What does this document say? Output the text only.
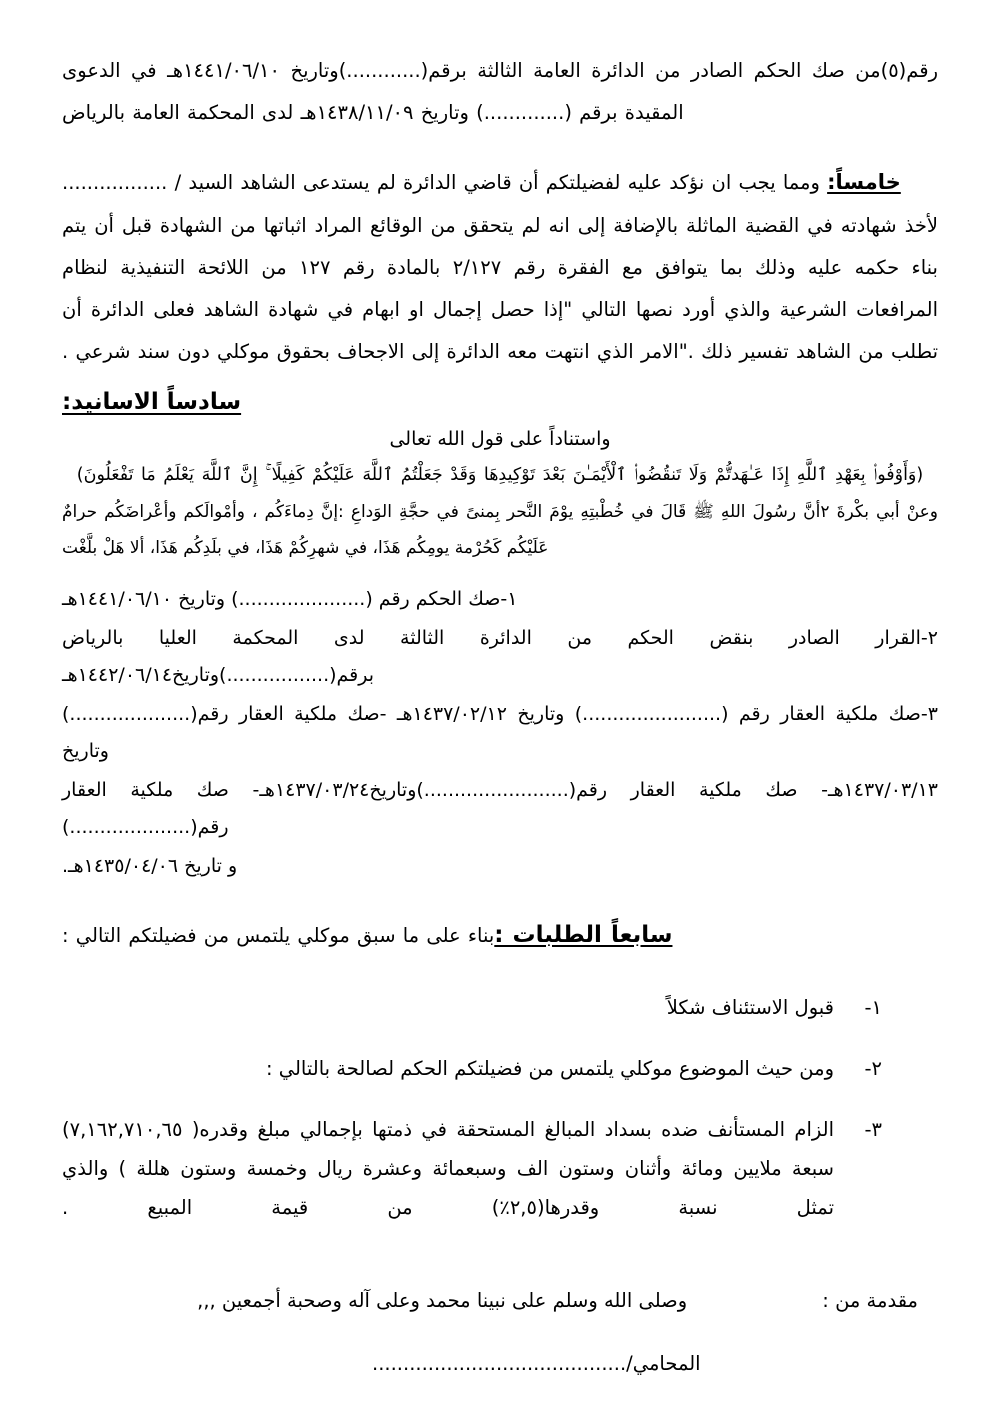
رقم(٥)من صك الحكم الصادر من الدائرة العامة الثالثة برقم(............)وتاريخ ١٤٤١/٠٦/١٠هـ في الدعوى

المقيدة برقم (.............) وتاريخ ١٤٣٨/١١/٠٩هـ لدى المحكمة العامة بالرياض

خامساً: ومما يجب ان نؤكد عليه لفضيلتكم أن قاضي الدائرة لم يستدعى الشاهد السيد / .................

لأخذ شهادته في القضية الماثلة بالإضافة إلى انه لم يتحقق من الوقائع المراد اثباتها من الشهادة قبل أن يتم

بناء حكمه عليه وذلك بما يتوافق مع الفقرة رقم ٢/١٢٧ بالمادة رقم ١٢٧ من اللائحة التنفيذية لنظام

المرافعات الشرعية والذي أورد نصها التالي "إذا حصل إجمال او ابهام في شهادة الشاهد فعلى الدائرة أن

تطلب من الشاهد تفسير ذلك ."الامر الذي انتهت معه الدائرة إلى الاجحاف بحقوق موكلي دون سند شرعي .

سادساً الاسانيد:

واستناداً على قول الله تعالى

(وَأَوْفُوا۟ بِعَهْدِ ٱللَّهِ إِذَا عَـٰهَدتُّمْ وَلَا تَنقُضُوا۟ ٱلْأَيْمَـٰنَ بَعْدَ تَوْكِيدِهَا وَقَدْ جَعَلْتُمُ ٱللَّهَ عَلَيْكُمْ كَفِيلًا ۚ إِنَّ ٱللَّهَ يَعْلَمُ مَا تَفْعَلُونَ)

وعنْ أبي بكْرةَ ٢أنَّ رسُولَ اللهِ ﷺ قَالَ في خُطْبتِهِ يوْمَ النَّحر بِمنىً في حجَّةِ الوَداعِ :إنَّ دِماءَكُم ، وأمْوالَكم وأعْراضَكُم حرامٌ

عَلَيْكُم كَحُرْمة يومِكُم هَذَا، في شهرِكُمْ هَذَا، في بلَدِكُم هَذَا، ألا هَلْ بلَّغْت

١-صك الحكم رقم (.....................) وتاريخ ١٤٤١/٠٦/١٠هـ

٢-القرار الصادر بنقض الحكم من الدائرة الثالثة لدى المحكمة العليا بالرياض برقم(.................)وتاريخ١٤٤٢/٠٦/١٤هـ

٣-صك ملكية العقار رقم (.......................) وتاريخ ١٤٣٧/٠٢/١٢هـ -صك ملكية العقار رقم(....................) وتاريخ

١٤٣٧/٠٣/١٣هـ- صك ملكية العقار رقم(........................)وتاريخ١٤٣٧/٠٣/٢٤هـ- صك ملكية العقار رقم(....................)

و تاريخ ١٤٣٥/٠٤/٠٦هـ.

سابعاً الطلبات :بناء على ما سبق موكلي يلتمس من فضيلتكم التالي :

١-
قبول الاستئناف شكلاً
٢-
ومن حيث الموضوع موكلي يلتمس من فضيلتكم الحكم لصالحة بالتالي :
٣-
الزام المستأنف ضده بسداد المبالغ المستحقة في ذمتها بإجمالي مبلغ وقدره( ٧,١٦٢,٧١٠,٦٥) سبعة ملايين ومائة وأثنان وستون الف وسبعمائة وعشرة ريال وخمسة وستون هللة ) والذي تمثل نسبة وقدرها(٢,٥٪) من قيمة المبيع .
وصلى الله وسلم على نبينا محمد وعلى آله وصحبة أجمعين ,,,	مقدمة من :
المحامي/.........................................
